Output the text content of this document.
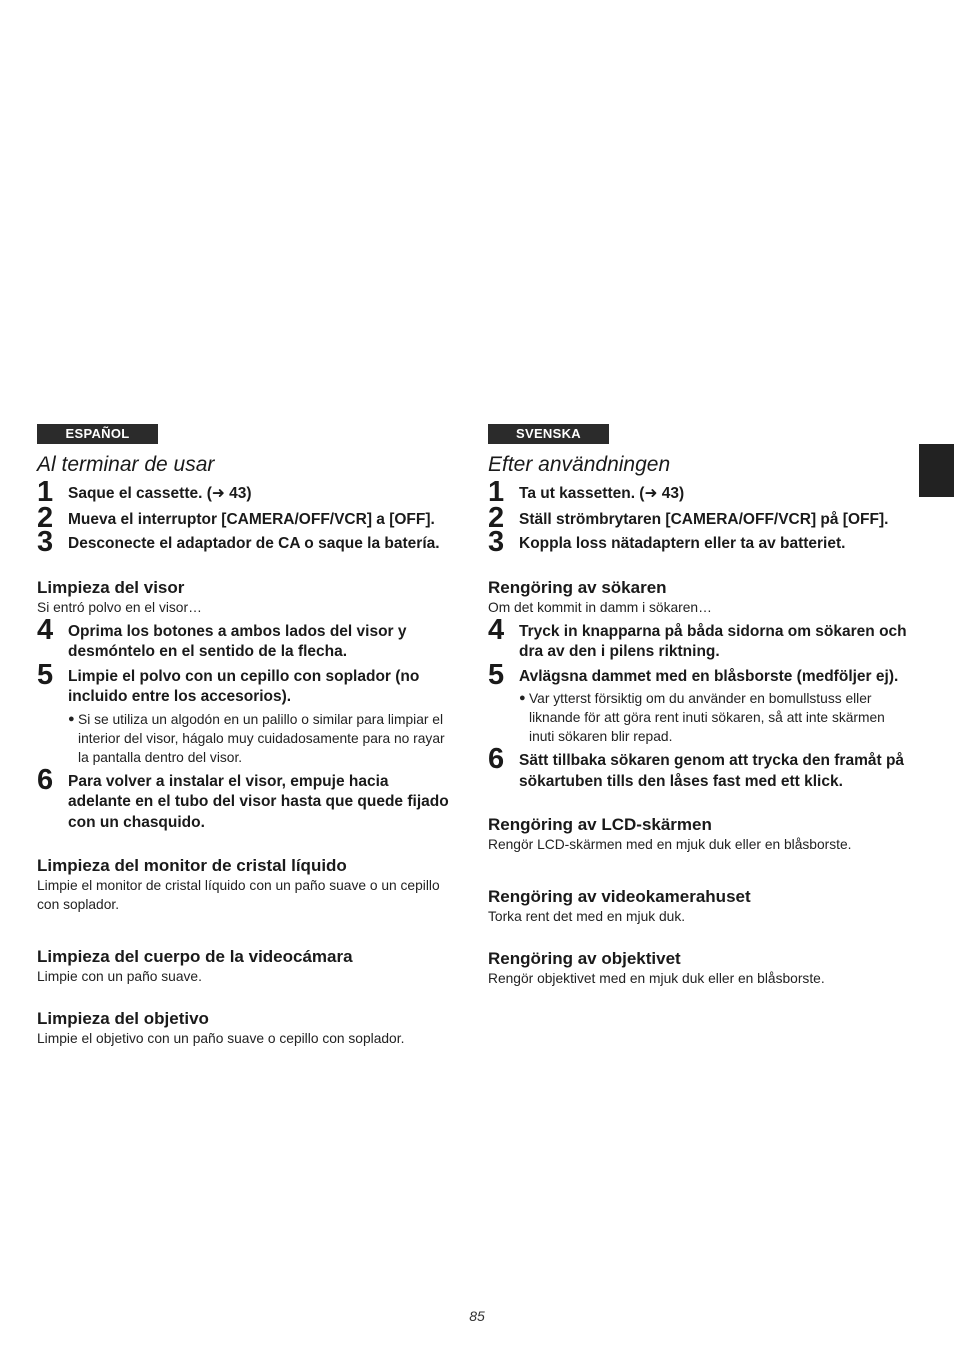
ESPAÑOL
Al terminar de usar
1 Saque el cassette. (➜ 43)
2 Mueva el interruptor [CAMERA/OFF/VCR] a [OFF].
3 Desconecte el adaptador de CA o saque la batería.
Limpieza del visor

Si entró polvo en el visor…

4 Oprima los botones a ambos lados del visor y desmóntelo en el sentido de la flecha.
5 Limpie el polvo con un cepillo con soplador (no incluido entre los accesorios).
● Si se utiliza un algodón en un palillo o similar para limpiar el interior del visor, hágalo muy cuidadosamente para no rayar la pantalla dentro del visor.
6 Para volver a instalar el visor, empuje hacia adelante en el tubo del visor hasta que quede fijado con un chasquido.
Limpieza del monitor de cristal líquido

Limpie el monitor de cristal líquido con un paño suave o un cepillo con soplador.

Limpieza del cuerpo de la videocámara

Limpie con un paño suave.

Limpieza del objetivo

Limpie el objetivo con un paño suave o cepillo con soplador.

SVENSKA
Efter användningen
1 Ta ut kassetten. (➜ 43)
2 Ställ strömbrytaren [CAMERA/OFF/VCR] på [OFF].
3 Koppla loss nätadaptern eller ta av batteriet.
Rengöring av sökaren

Om det kommit in damm i sökaren…

4 Tryck in knapparna på båda sidorna om sökaren och dra av den i pilens riktning.
5 Avlägsna dammet med en blåsborste (medföljer ej).
● Var ytterst försiktig om du använder en bomullstuss eller liknande för att göra rent inuti sökaren, så att inte skärmen inuti sökaren blir repad.
6 Sätt tillbaka sökaren genom att trycka den framåt på sökartuben tills den låses fast med ett klick.
Rengöring av LCD-skärmen

Rengör LCD-skärmen med en mjuk duk eller en blåsborste.

Rengöring av videokamerahuset

Torka rent det med en mjuk duk.

Rengöring av objektivet

Rengör objektivet med en mjuk duk eller en blåsborste.

85
